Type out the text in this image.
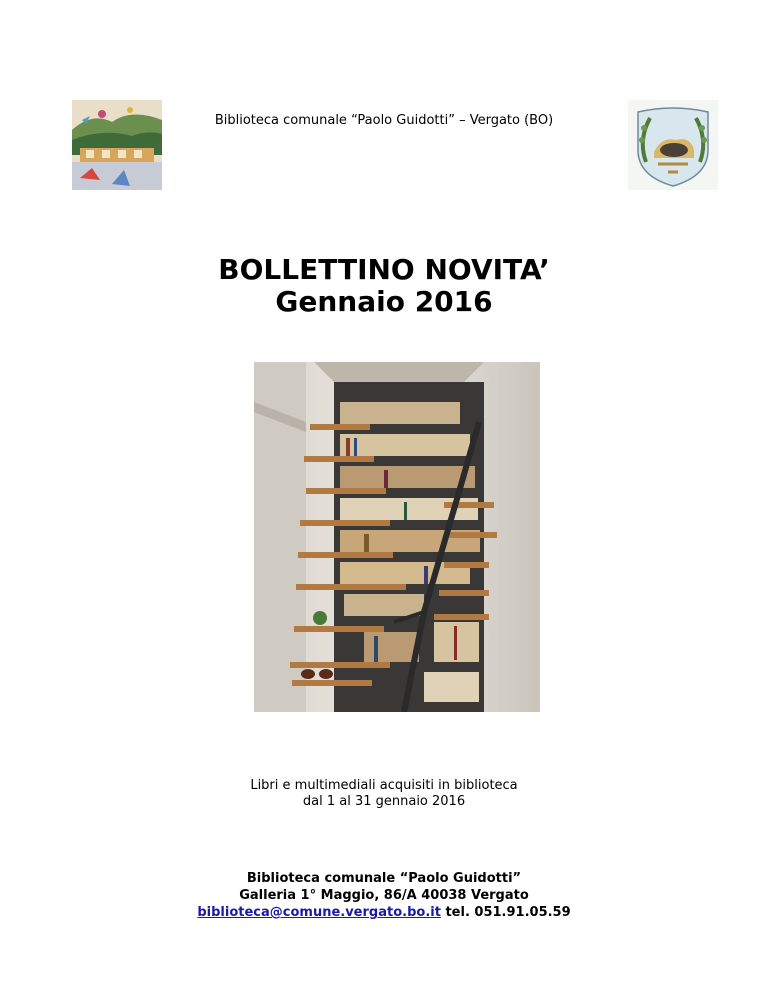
Biblioteca comunale “Paolo Guidotti” – Vergato (BO)
BOLLETTINO NOVITA’
Gennaio 2016
Libri e multimediali acquisiti in biblioteca
dal 1 al 31 gennaio 2016
Biblioteca comunale “Paolo Guidotti”
Galleria 1° Maggio, 86/A 40038 Vergato
biblioteca@comune.vergato.bo.it tel. 051.91.05.59
